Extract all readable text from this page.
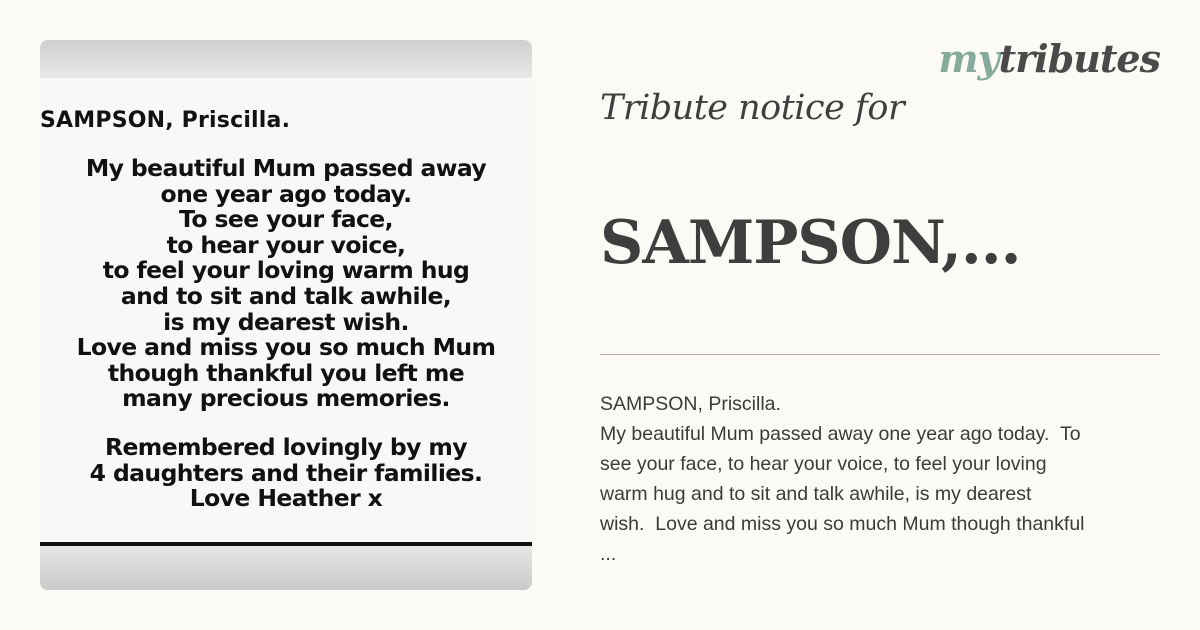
SAMPSON, Priscilla.
My beautiful Mum passed away
one year ago today.
To see your face,
to hear your voice,
to feel your loving warm hug
and to sit and talk awhile,
is my dearest wish.
Love and miss you so much Mum
though thankful you left me
many precious memories.
Remembered lovingly by my
4 daughters and their families.
Love Heather x
mytributes
Tribute notice for
SAMPSON,...
SAMPSON, Priscilla.
My beautiful Mum passed away one year ago today.  To
see your face, to hear your voice, to feel your loving
warm hug and to sit and talk awhile, is my dearest
wish.  Love and miss you so much Mum though thankful
...
